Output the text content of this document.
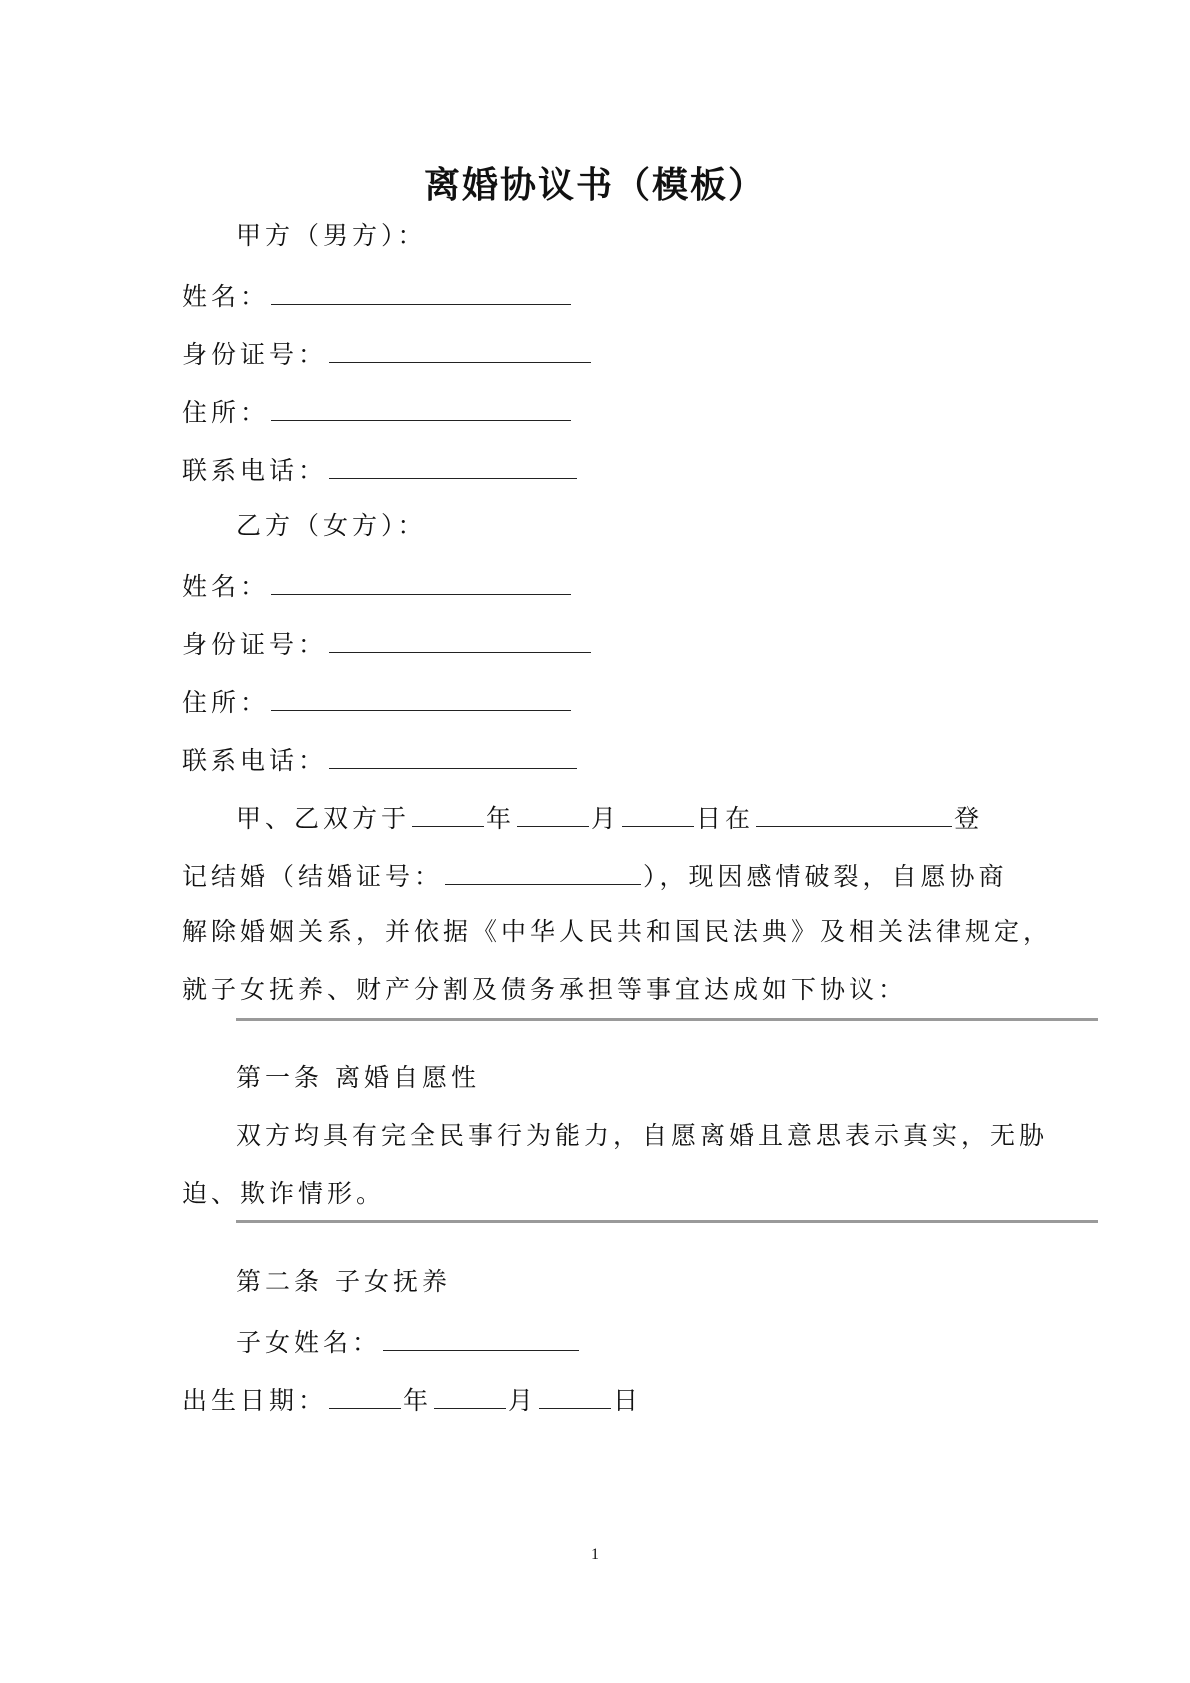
离婚协议书（模板）
甲方（男方）：
姓名：
身份证号：
住所：
联系电话：
乙方（女方）：
姓名：
身份证号：
住所：
联系电话：
甲、乙双方于	年	月	日在	登
记结婚（结婚证号：	），现因感情破裂，自愿协商
解除婚姻关系，并依据《中华人民共和国民法典》及相关法律规定，
就子女抚养、财产分割及债务承担等事宜达成如下协议：
第一条 离婚自愿性
双方均具有完全民事行为能力，自愿离婚且意思表示真实，无胁
迫、欺诈情形。
第二条 子女抚养
子女姓名：
出生日期：	年	月	日
1
